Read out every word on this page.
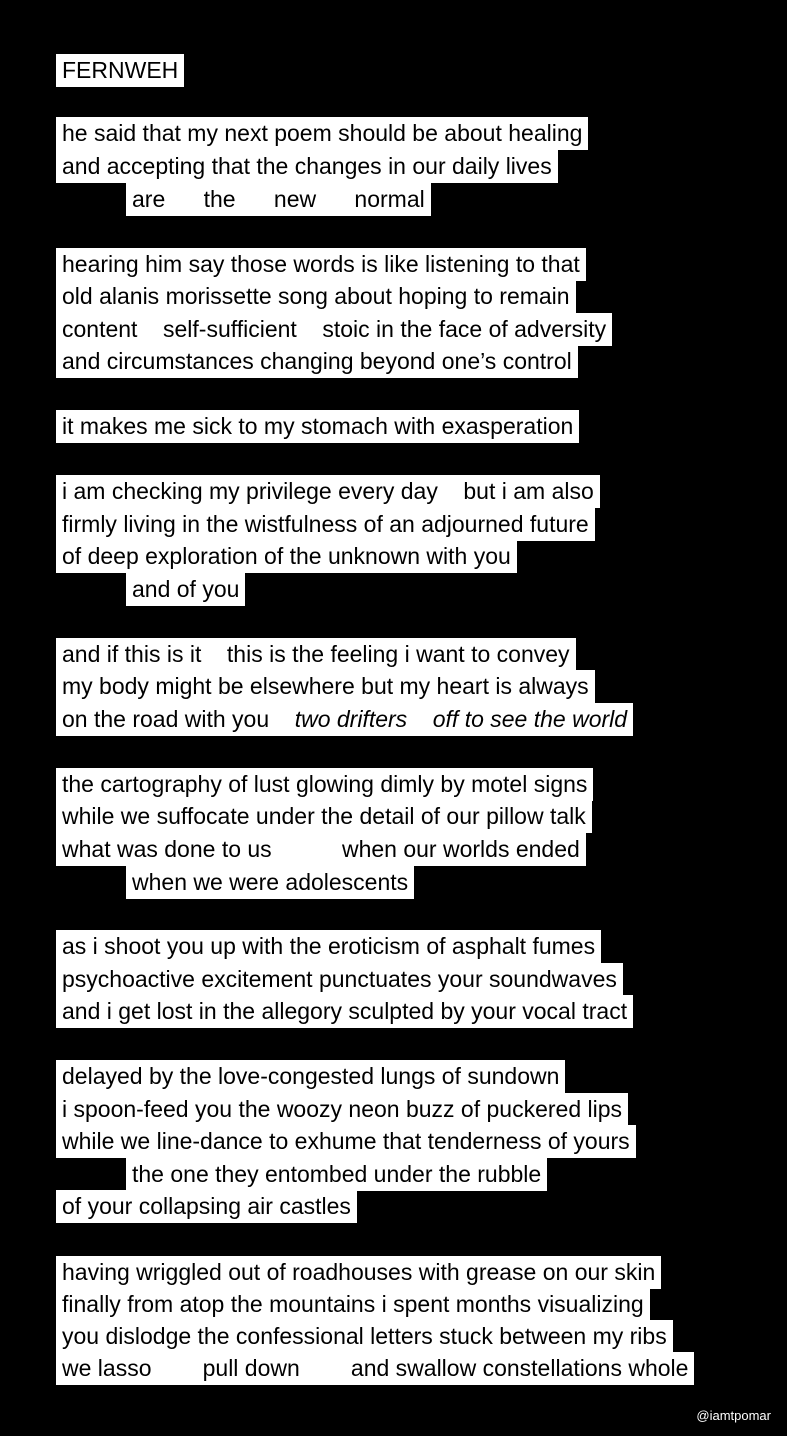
FERNWEH
he said that my next poem should be about healing
and accepting that the changes in our daily lives
are      the      new      normal
hearing him say those words is like listening to that
old alanis morissette song about hoping to remain
content    self-sufficient    stoic in the face of adversity
and circumstances changing beyond one’s control
it makes me sick to my stomach with exasperation
i am checking my privilege every day    but i am also
firmly living in the wistfulness of an adjourned future
of deep exploration of the unknown with you
and of you
and if this is it    this is the feeling i want to convey
my body might be elsewhere but my heart is always
on the road with you    two drifters    off to see the world
the cartography of lust glowing dimly by motel signs
while we suffocate under the detail of our pillow talk
what was done to us           when our worlds ended
when we were adolescents
as i shoot you up with the eroticism of asphalt fumes
psychoactive excitement punctuates your soundwaves
and i get lost in the allegory sculpted by your vocal tract
delayed by the love-congested lungs of sundown
i spoon-feed you the woozy neon buzz of puckered lips
while we line-dance to exhume that tenderness of yours
the one they entombed under the rubble
of your collapsing air castles
having wriggled out of roadhouses with grease on our skin
finally from atop the mountains i spent months visualizing
you dislodge the confessional letters stuck between my ribs
we lasso        pull down        and swallow constellations whole
@iamtpomar
